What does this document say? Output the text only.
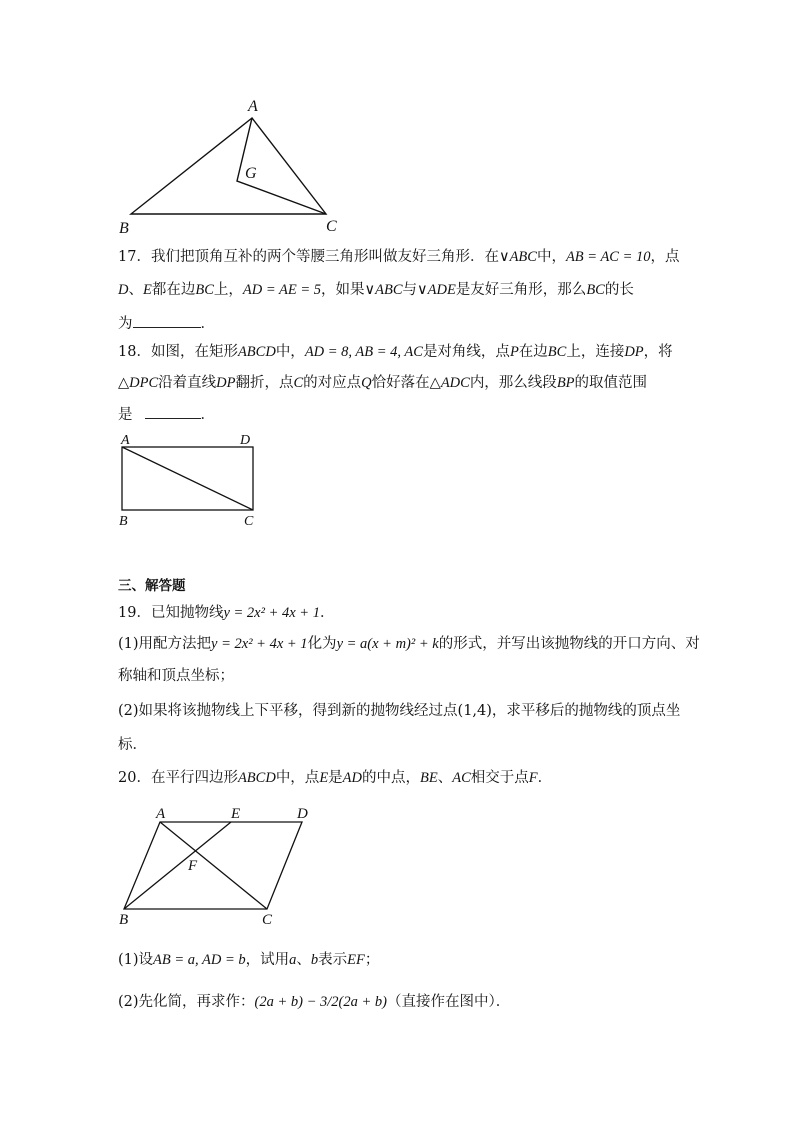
A
G
B	C
A	D
B	C
A	E	D
F
B	C
17．我们把顶角互补的两个等腰三角形叫做友好三角形．在∨ABC中，AB = AC = 10，点
D、E都在边BC上，AD = AE = 5，如果∨ABC与∨ADE是友好三角形，那么BC的长
为	．
18．如图，在矩形ABCD中，AD = 8, AB = 4, AC是对角线，点P在边BC上，连接DP，将
△DPC沿着直线DP翻折，点C的对应点Q恰好落在△ADC内，那么线段BP的取值范围
是	．
三、解答题
19．已知抛物线y = 2x² + 4x + 1．
(1)用配方法把y = 2x² + 4x + 1化为y = a(x + m)² + k的形式，并写出该抛物线的开口方向、对
称轴和顶点坐标；
(2)如果将该抛物线上下平移，得到新的抛物线经过点(1,4)，求平移后的抛物线的顶点坐
标．
20．在平行四边形ABCD中，点E是AD的中点，BE、AC相交于点F．
(1)设AB = a, AD = b，试用a、b表示EF；
(2)先化简，再求作：(2a + b) − 3/2(2a + b)（直接作在图中）．
